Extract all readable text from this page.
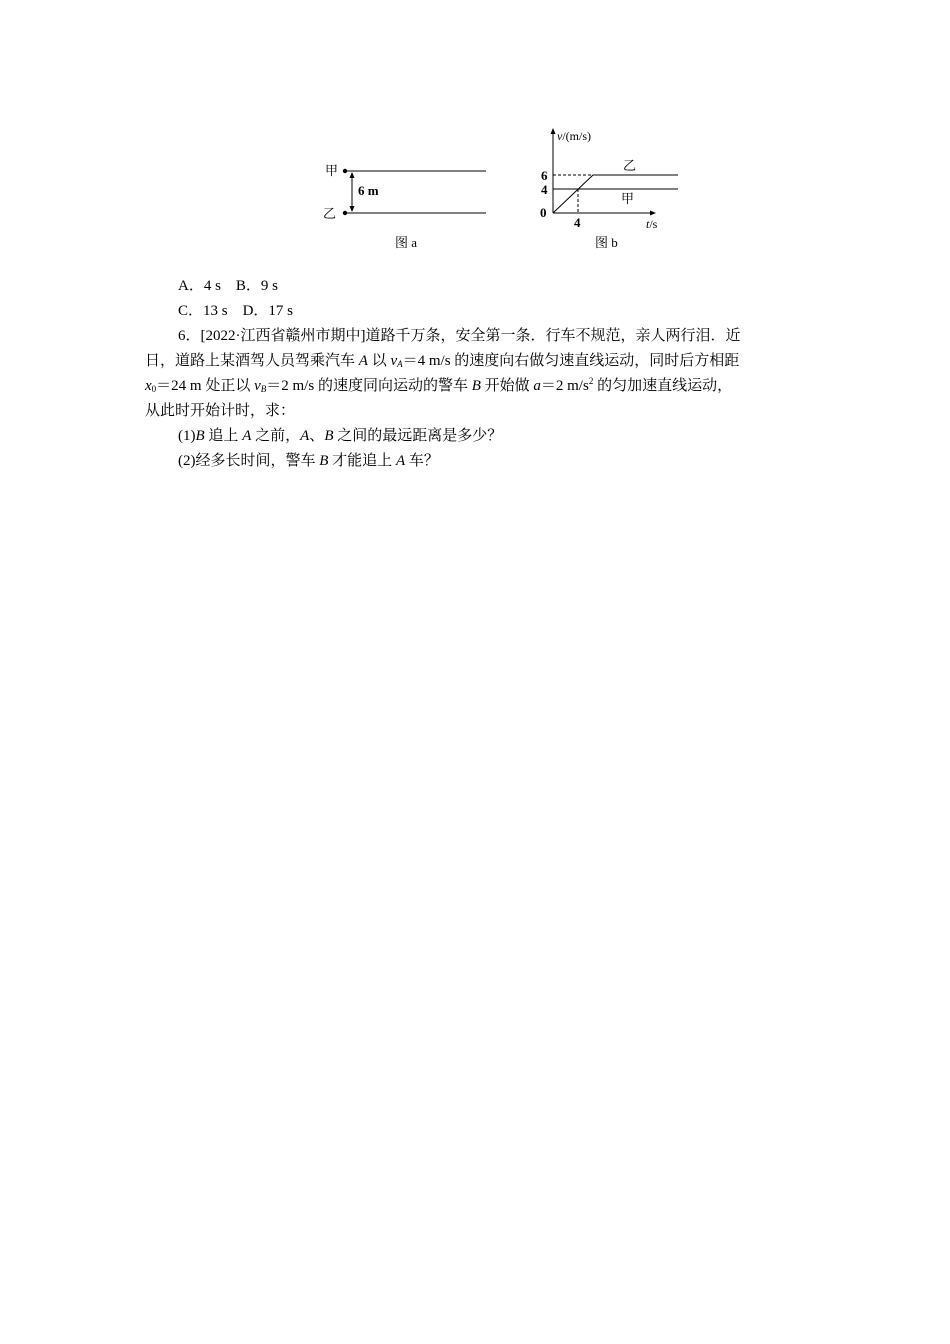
甲
乙
6 m
图 a
v/(m/s)
t/s
0
6
4
4
乙
甲
图 b
A．4 s　B．9 s
C．13 s　D．17 s
6．[2022·江西省赣州市期中]道路千万条，安全第一条．行车不规范，亲人两行泪．近
日，道路上某酒驾人员驾乘汽车 A 以 $v_A=4$ m/s 的速度向右做匀速直线运动，同时后方相距
$x_0=24$ m 处正以 $v_B=2$ m/s 的速度同向运动的警车 B 开始做 a＝2 $m/s^2$ 的匀加速直线运动，
从此时开始计时，求：
(1)B 追上 A 之前，A、B 之间的最远距离是多少？
(2)经多长时间，警车 B 才能追上 A 车？
